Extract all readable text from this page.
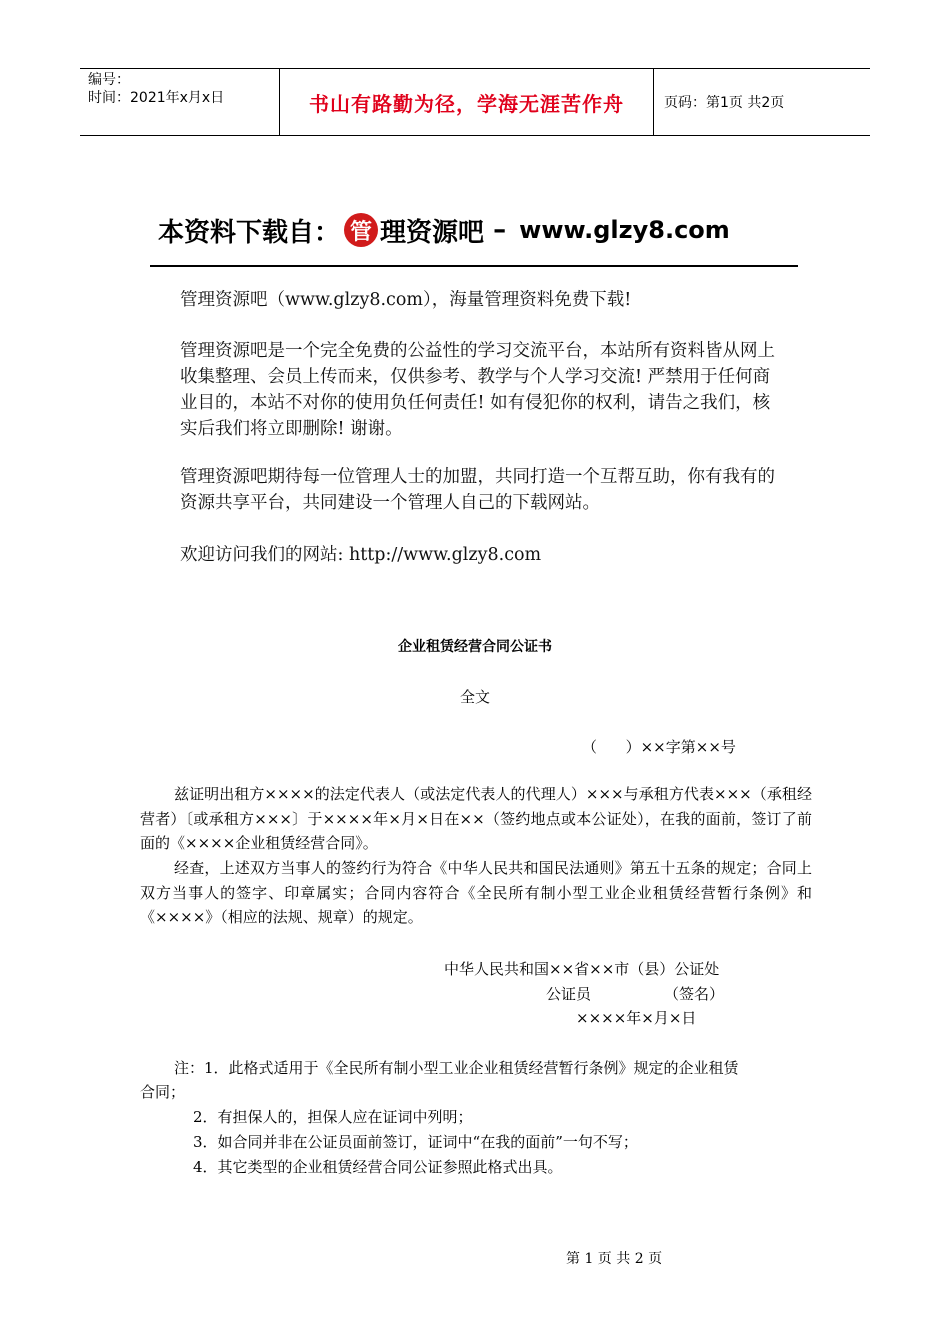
编号：
时间：2021年x月x日	书山有路勤为径，学海无涯苦作舟	页码：第1页 共2页
本资料下载自： 管 理资源吧 – www.glzy8.com
管理资源吧（www.glzy8.com），海量管理资料免费下载!
管理资源吧是一个完全免费的公益性的学习交流平台，本站所有资料皆从网上收集整理、会员上传而来，仅供参考、教学与个人学习交流! 严禁用于任何商业目的，本站不对你的使用负任何责任! 如有侵犯你的权利，请告之我们，核实后我们将立即删除! 谢谢。
管理资源吧期待每一位管理人士的加盟，共同打造一个互帮互助，你有我有的资源共享平台，共同建设一个管理人自己的下载网站。
欢迎访问我们的网站: http://www.glzy8.com
企业租赁经营合同公证书
全文
（      ）××字第××号
兹证明出租方××××的法定代表人（或法定代表人的代理人）×××与承租方代表×××（承租经营者）〔或承租方×××〕于××××年×月×日在××（签约地点或本公证处），在我的面前，签订了前面的《××××企业租赁经营合同》。
经查，上述双方当事人的签约行为符合《中华人民共和国民法通则》第五十五条的规定；合同上双方当事人的签字、印章属实；合同内容符合《全民所有制小型工业企业租赁经营暂行条例》和《××××》（相应的法规、规章）的规定。
中华人民共和国××省××市（县）公证处
公证员	（签名）
××××年×月×日
注：1．此格式适用于《全民所有制小型工业企业租赁经营暂行条例》规定的企业租赁
合同；
2．有担保人的，担保人应在证词中列明；
3．如合同并非在公证员面前签订，证词中“在我的面前”一句不写；
4．其它类型的企业租赁经营合同公证参照此格式出具。
第 1 页 共 2 页
